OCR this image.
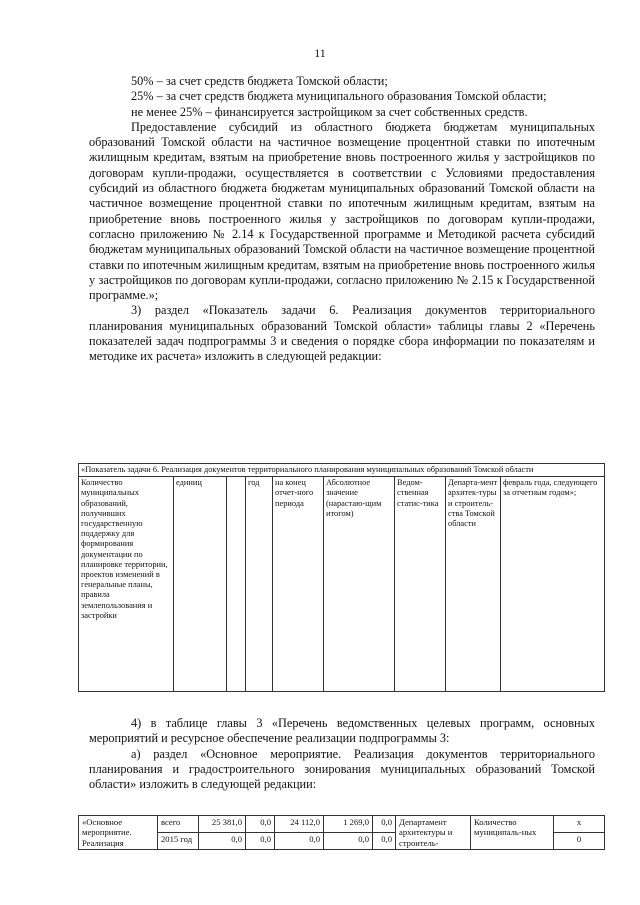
11

50% – за счет средств бюджета Томской области;

25% – за счет средств бюджета муниципального образования Томской области;

не менее 25% – финансируется застройщиком за счет собственных средств.

Предоставление субсидий из областного бюджета бюджетам муниципальных образований Томской области на частичное возмещение процентной ставки по ипотечным жилищным кредитам, взятым на приобретение вновь построенного жилья у застройщиков по договорам купли-продажи, осуществляется в соответствии с Условиями предоставления субсидий из областного бюджета бюджетам муниципальных образований Томской области на частичное возмещение процентной ставки по ипотечным жилищным кредитам, взятым на приобретение вновь построенного жилья у застройщиков по договорам купли-продажи, согласно приложению № 2.14 к Государственной программе и Методикой расчета субсидий бюджетам муниципальных образований Томской области на частичное возмещение процентной ставки по ипотечным жилищным кредитам, взятым на приобретение вновь построенного жилья у застройщиков по договорам купли-продажи, согласно приложению № 2.15 к Государственной программе.»;

3) раздел «Показатель задачи 6. Реализация документов территориального планирования муниципальных образований Томской области» таблицы главы 2 «Перечень показателей задач подпрограммы 3 и сведения о порядке сбора информации по показателям и методике их расчета» изложить в следующей редакции:

«Показатель задачи 6. Реализация документов территориального планирования муниципальных образований Томской области
Количество муниципальных образований, получивших государственную поддержку для формирования документации по планировке территории, проектов изменений в генеральные планы, правила землепользования и застройки	единиц		год	на конец отчет-ного периода	Абсолютное значение (нарастаю-щим итогом)	Ведом-ственная статис-тика	Департа-мент архитек-туры и строитель-ства Томской области	февраль года, следующего за отчетным годом»;

4) в таблице главы 3 «Перечень ведомственных целевых программ, основных мероприятий и ресурсное обеспечение реализации подпрограммы 3:

а) раздел «Основное мероприятие. Реализация документов территориального планирования и градостроительного зонирования муниципальных образований Томской области» изложить в следующей редакции:

«Основное мероприятие. Реализация	всего	25 381,0	0,0	24 112,0	1 269,0	0,0	Департамент архитектуры и строитель-	Количество муниципаль-ных	х
	2015 год	0,0	0,0	0,0	0,0	0,0			0
